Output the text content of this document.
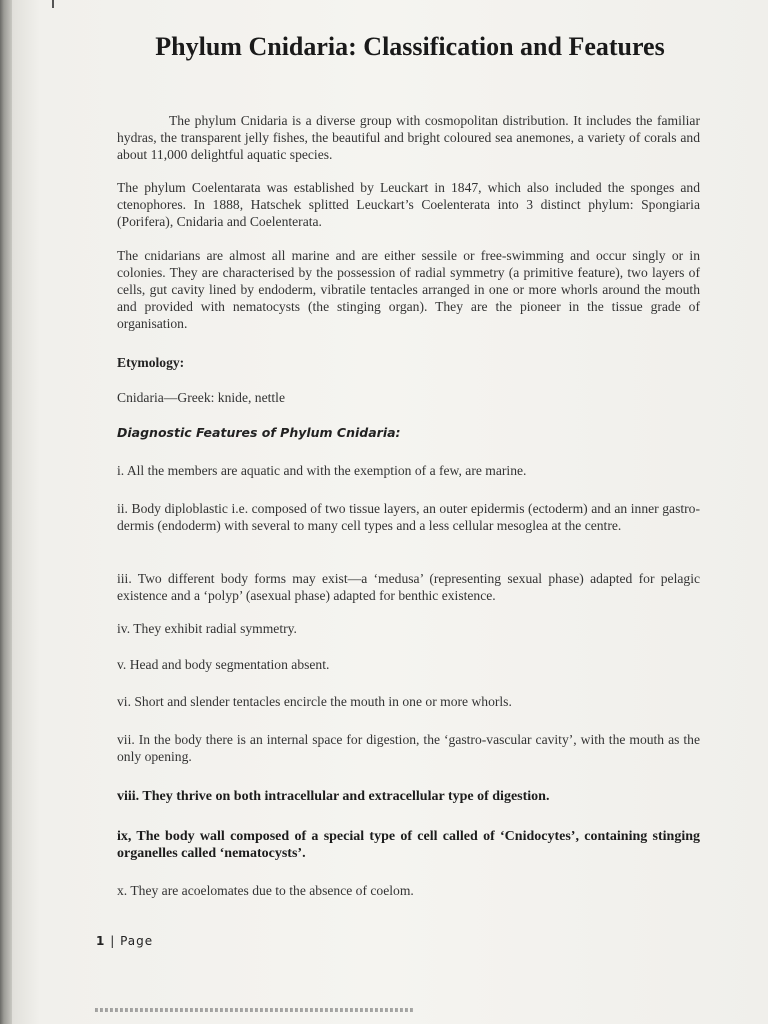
Phylum Cnidaria: Classification and Features

The phylum Cnidaria is a diverse group with cosmopolitan distribution. It includes the familiar hydras, the transparent jelly fishes, the beautiful and bright coloured sea anemones, a variety of corals and about 11,000 delightful aquatic species.

The phylum Coelentarata was established by Leuckart in 1847, which also included the sponges and ctenophores. In 1888, Hatschek splitted Leuckart’s Coelenterata into 3 distinct phylum: Spongiaria (Porifera), Cnidaria and Coelenterata.

The cnidarians are almost all marine and are either sessile or free-swimming and occur singly or in colonies. They are characterised by the possession of radial symmetry (a primitive feature), two layers of cells, gut cavity lined by endoderm, vibratile tentacles arranged in one or more whorls around the mouth and provided with nematocysts (the stinging organ). They are the pioneer in the tissue grade of organisation.

Etymology:

Cnidaria—Greek: knide, nettle

Diagnostic Features of Phylum Cnidaria:

i. All the members are aquatic and with the exemption of a few, are marine.

ii. Body diploblastic i.e. composed of two tissue layers, an outer epidermis (ectoderm) and an inner gastro-dermis (endoderm) with several to many cell types and a less cellular mesoglea at the centre.

iii. Two different body forms may exist—a ‘medusa’ (representing sexual phase) adapted for pelagic existence and a ‘polyp’ (asexual phase) adapted for benthic existence.

iv. They exhibit radial symmetry.

v. Head and body segmentation absent.

vi. Short and slender tentacles encircle the mouth in one or more whorls.

vii. In the body there is an internal space for digestion, the ‘gastro-vascular cavity’, with the mouth as the only opening.

viii. They thrive on both intracellular and extracellular type of digestion.

ix, The body wall composed of a special type of cell called of ‘Cnidocytes’, containing stinging organelles called ‘nematocysts’.

x. They are acoelomates due to the absence of coelom.

1 | Page
